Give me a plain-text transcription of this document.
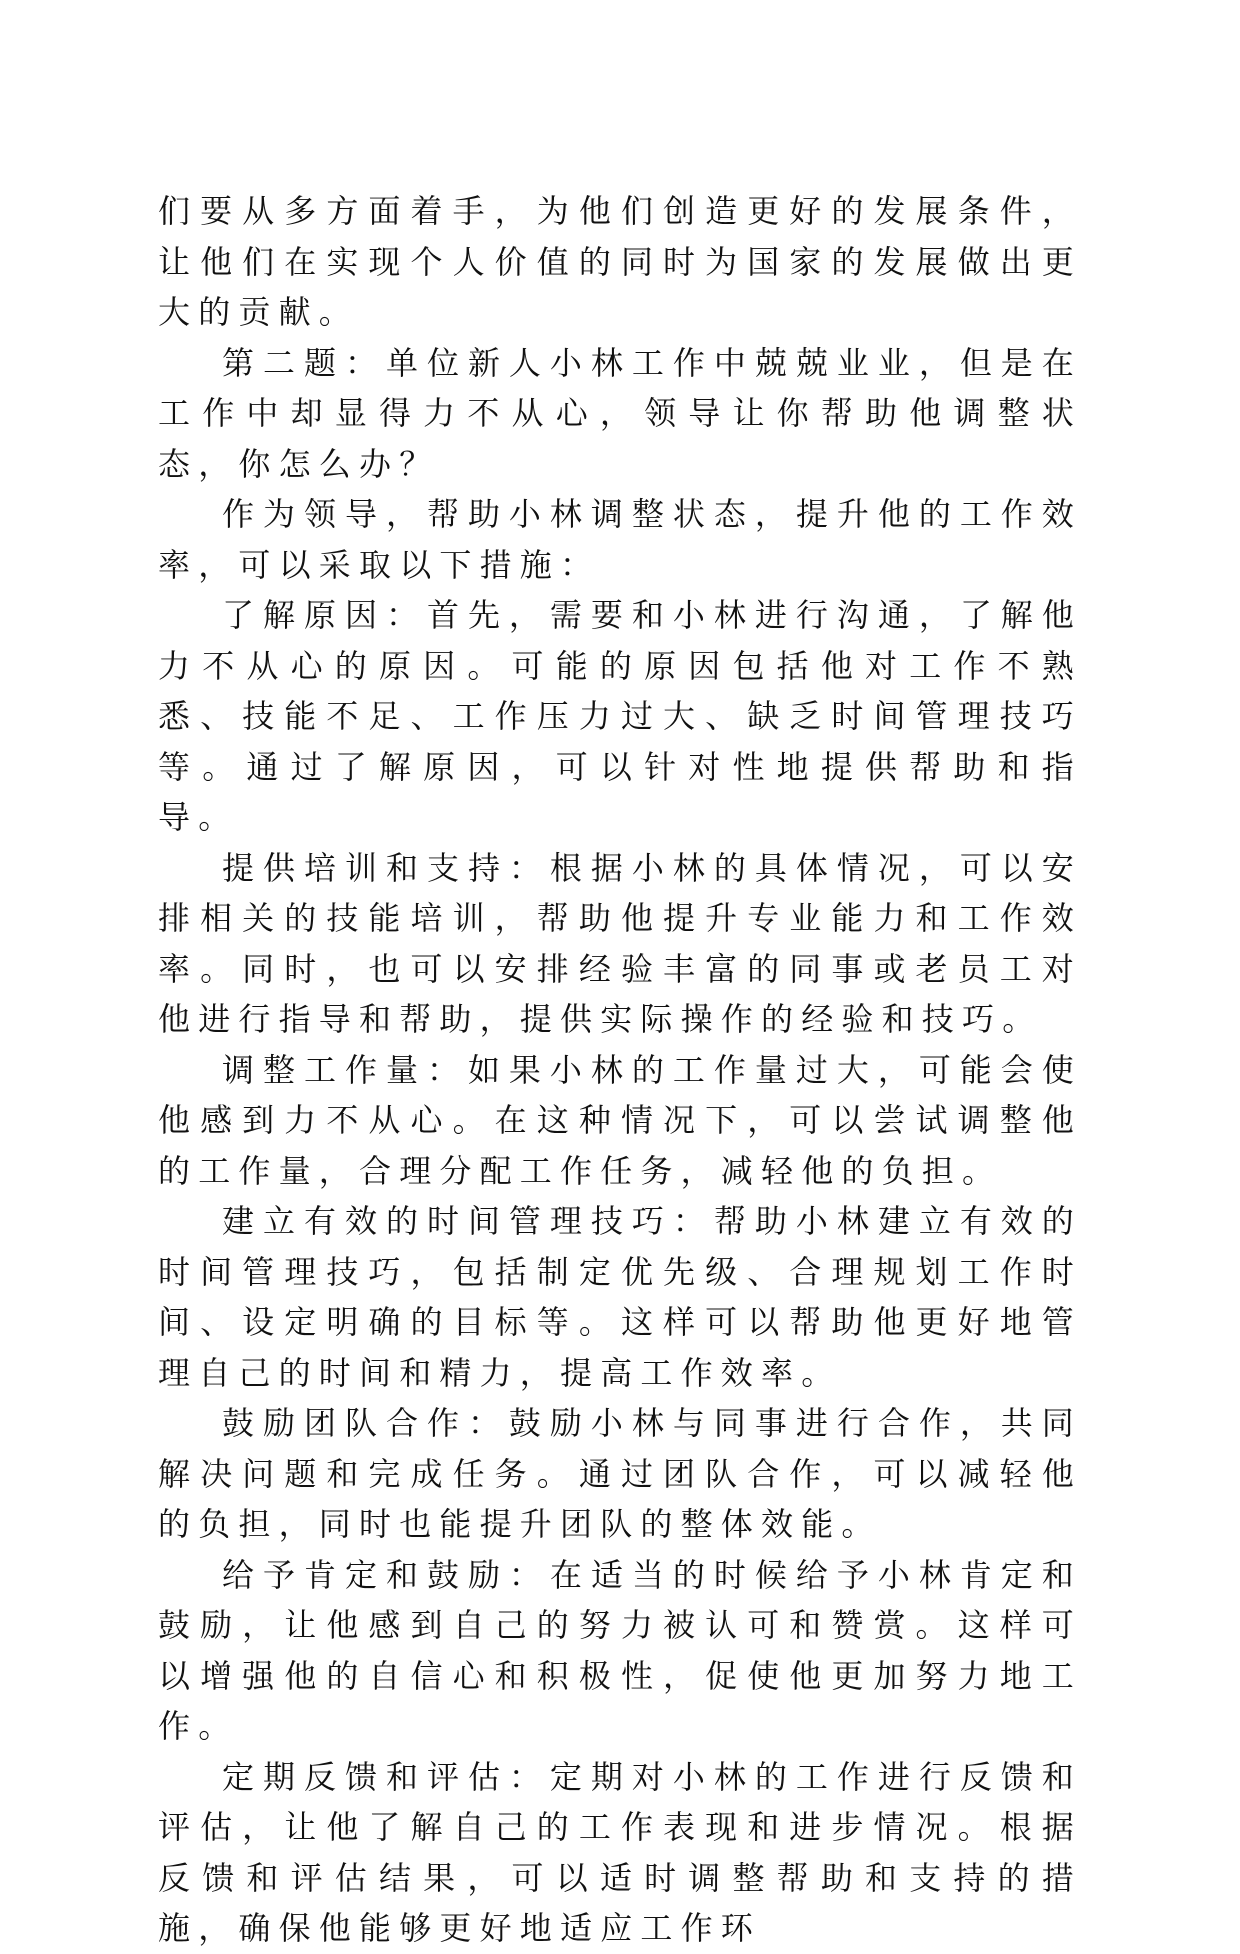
们要从多方面着手，为他们创造更好的发展条件，让他们在实现个人价值的同时为国家的发展做出更大的贡献。

第二题：单位新人小林工作中兢兢业业，但是在工作中却显得力不从心，领导让你帮助他调整状态，你怎么办？

作为领导，帮助小林调整状态，提升他的工作效率，可以采取以下措施：

了解原因：首先，需要和小林进行沟通，了解他力不从心的原因。可能的原因包括他对工作不熟悉、技能不足、工作压力过大、缺乏时间管理技巧等。通过了解原因，可以针对性地提供帮助和指导。

提供培训和支持：根据小林的具体情况，可以安排相关的技能培训，帮助他提升专业能力和工作效率。同时，也可以安排经验丰富的同事或老员工对他进行指导和帮助，提供实际操作的经验和技巧。

调整工作量：如果小林的工作量过大，可能会使他感到力不从心。在这种情况下，可以尝试调整他的工作量，合理分配工作任务，减轻他的负担。

建立有效的时间管理技巧：帮助小林建立有效的时间管理技巧，包括制定优先级、合理规划工作时间、设定明确的目标等。这样可以帮助他更好地管理自己的时间和精力，提高工作效率。

鼓励团队合作：鼓励小林与同事进行合作，共同解决问题和完成任务。通过团队合作，可以减轻他的负担，同时也能提升团队的整体效能。

给予肯定和鼓励：在适当的时候给予小林肯定和鼓励，让他感到自己的努力被认可和赞赏。这样可以增强他的自信心和积极性，促使他更加努力地工作。

定期反馈和评估：定期对小林的工作进行反馈和评估，让他了解自己的工作表现和进步情况。根据反馈和评估结果，可以适时调整帮助和支持的措施，确保他能够更好地适应工作环
